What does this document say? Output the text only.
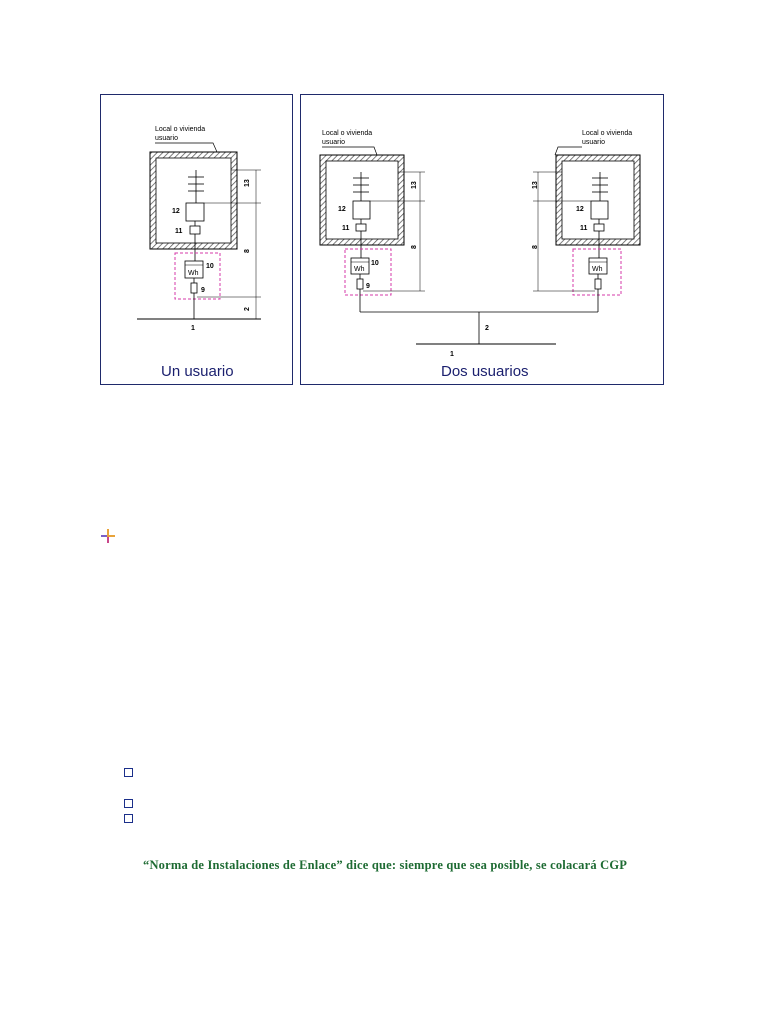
Local o vivienda
usuario
12
11
Wh
10
9
1
13
8
2
Un usuario
Local o vivienda
usuario
12
11
Wh
10
9
13
8
Local o vivienda
usuario
12
11
Wh
13
8
2
1
Dos usuarios
“Norma de Instalaciones de Enlace” dice que: siempre que sea posible, se colacará CGP
